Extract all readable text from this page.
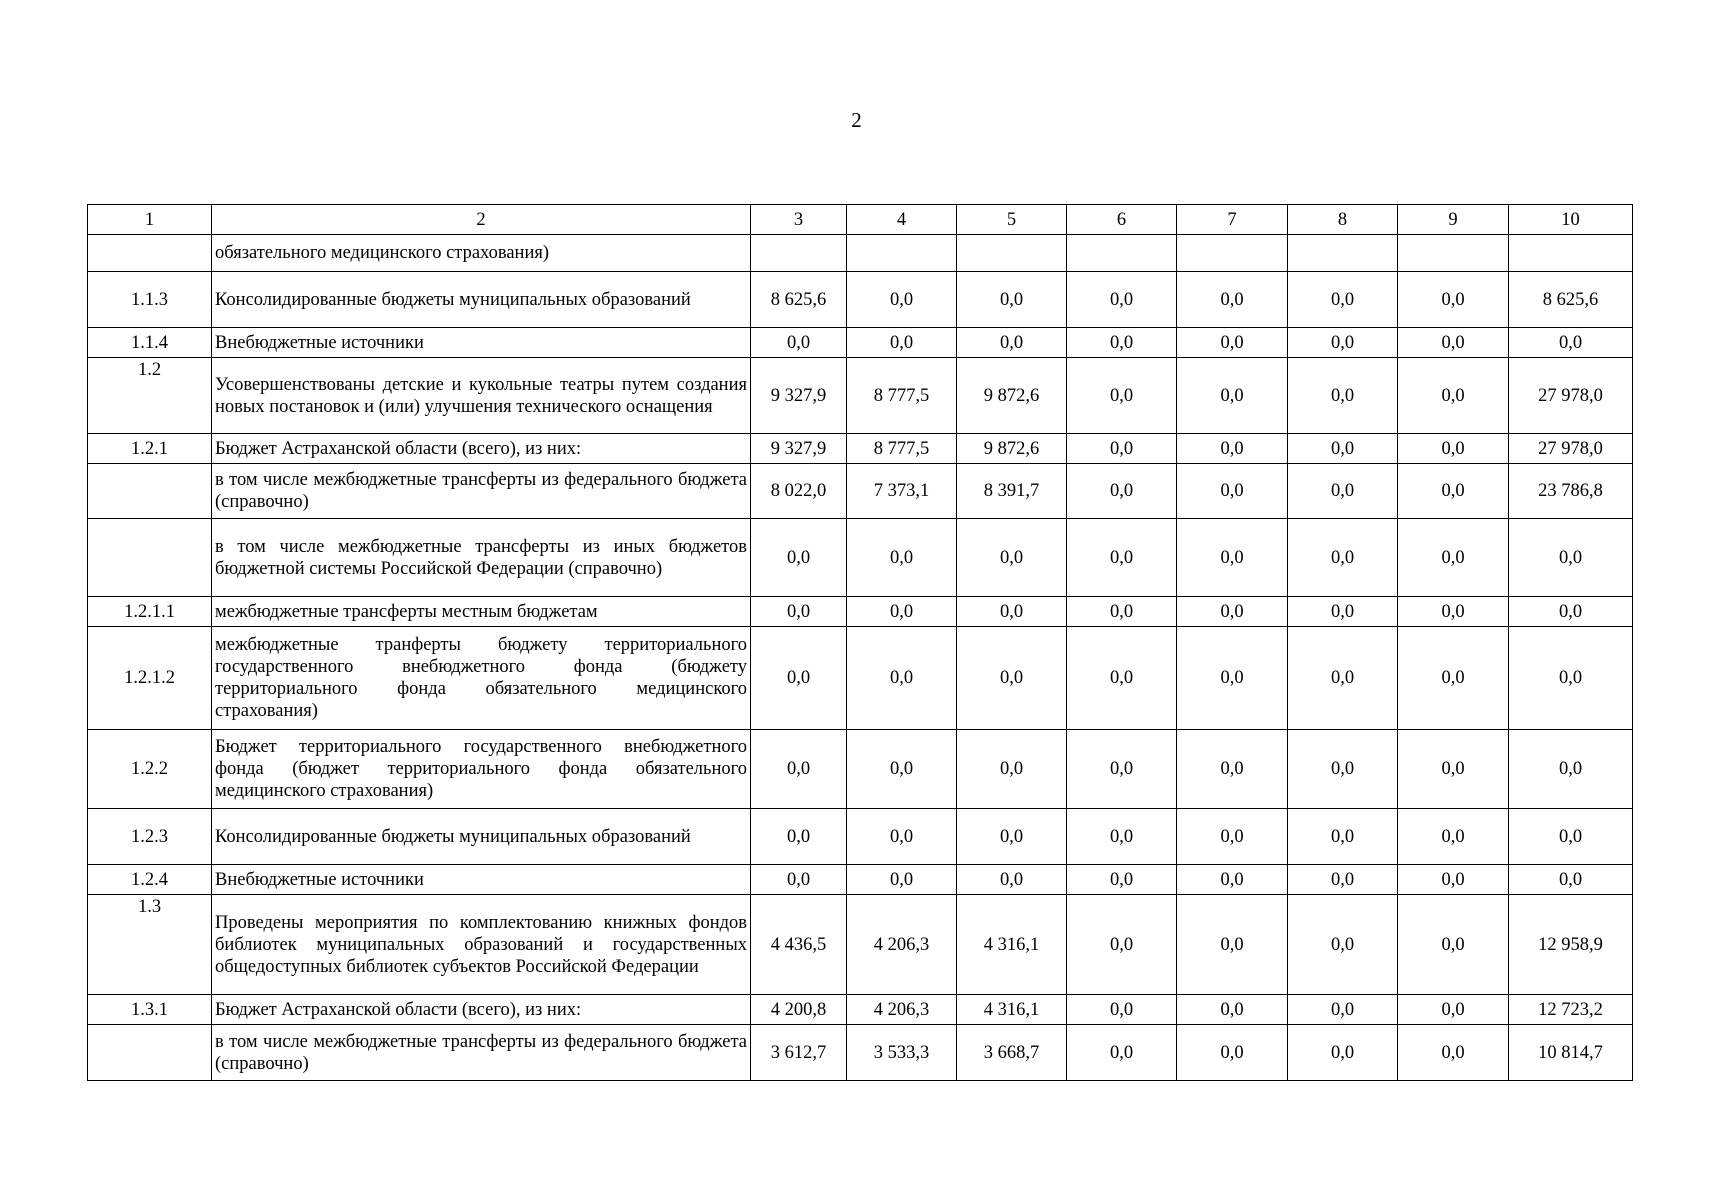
2
1	2	3	4	5	6	7	8	9	10
	обязательного медицинского страхования)								
1.1.3	Консолидированные бюджеты муниципальных образований	8 625,6	0,0	0,0	0,0	0,0	0,0	0,0	8 625,6
1.1.4	Внебюджетные источники	0,0	0,0	0,0	0,0	0,0	0,0	0,0	0,0
1.2	Усовершенствованы детские и кукольные театры путем создания новых постановок и (или) улучшения технического оснащения	9 327,9	8 777,5	9 872,6	0,0	0,0	0,0	0,0	27 978,0
1.2.1	Бюджет Астраханской области (всего), из них:	9 327,9	8 777,5	9 872,6	0,0	0,0	0,0	0,0	27 978,0
	в том числе межбюджетные трансферты из федерального бюджета (справочно)	8 022,0	7 373,1	8 391,7	0,0	0,0	0,0	0,0	23 786,8
	в том числе межбюджетные трансферты из иных бюджетов бюджетной системы Российской Федерации (справочно)	0,0	0,0	0,0	0,0	0,0	0,0	0,0	0,0
1.2.1.1	межбюджетные трансферты местным бюджетам	0,0	0,0	0,0	0,0	0,0	0,0	0,0	0,0
1.2.1.2	межбюджетные транферты бюджету территориального государственного внебюджетного фонда (бюджету территориального фонда обязательного медицинского страхования)	0,0	0,0	0,0	0,0	0,0	0,0	0,0	0,0
1.2.2	Бюджет территориального государственного внебюджетного фонда (бюджет территориального фонда обязательного медицинского страхования)	0,0	0,0	0,0	0,0	0,0	0,0	0,0	0,0
1.2.3	Консолидированные бюджеты муниципальных образований	0,0	0,0	0,0	0,0	0,0	0,0	0,0	0,0
1.2.4	Внебюджетные источники	0,0	0,0	0,0	0,0	0,0	0,0	0,0	0,0
1.3	Проведены мероприятия по комплектованию книжных фондов библиотек муниципальных образований и государственных общедоступных библиотек субъектов Российской Федерации	4 436,5	4 206,3	4 316,1	0,0	0,0	0,0	0,0	12 958,9
1.3.1	Бюджет Астраханской области (всего), из них:	4 200,8	4 206,3	4 316,1	0,0	0,0	0,0	0,0	12 723,2
	в том числе межбюджетные трансферты из федерального бюджета (справочно)	3 612,7	3 533,3	3 668,7	0,0	0,0	0,0	0,0	10 814,7
